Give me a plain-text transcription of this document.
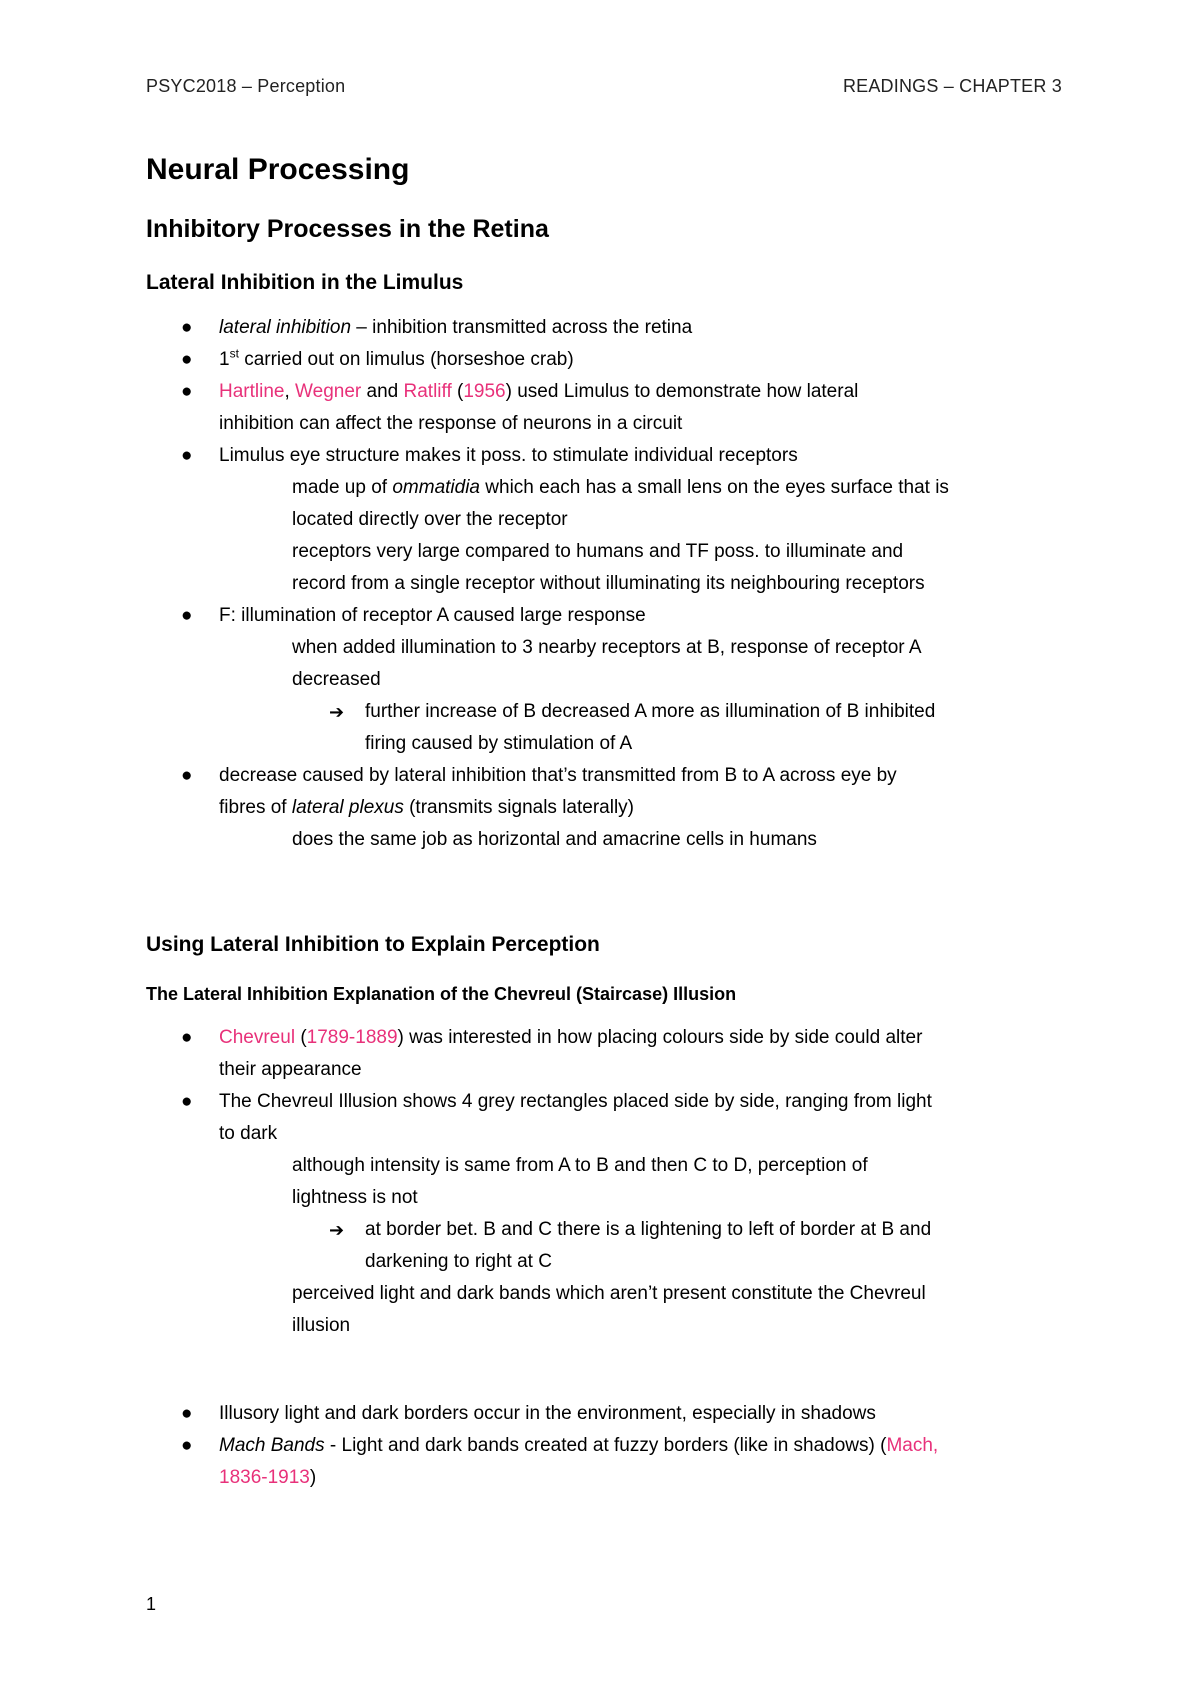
PSYC2018 – Perception	READINGS – CHAPTER 3
Neural Processing
Inhibitory Processes in the Retina
Lateral Inhibition in the Limulus
● lateral inhibition – inhibition transmitted across the retina
● 1st carried out on limulus (horseshoe crab)
● Hartline, Wegner and Ratliff (1956) used Limulus to demonstrate how lateral
inhibition can affect the response of neurons in a circuit
● Limulus eye structure makes it poss. to stimulate individual receptors
made up of ommatidia which each has a small lens on the eyes surface that is
located directly over the receptor
receptors very large compared to humans and TF poss. to illuminate and
record from a single receptor without illuminating its neighbouring receptors
● F: illumination of receptor A caused large response
when added illumination to 3 nearby receptors at B, response of receptor A
decreased
➔ further increase of B decreased A more as illumination of B inhibited
firing caused by stimulation of A
● decrease caused by lateral inhibition that’s transmitted from B to A across eye by
fibres of lateral plexus (transmits signals laterally)
does the same job as horizontal and amacrine cells in humans
Using Lateral Inhibition to Explain Perception
The Lateral Inhibition Explanation of the Chevreul (Staircase) Illusion
● Chevreul (1789-1889) was interested in how placing colours side by side could alter
their appearance
● The Chevreul Illusion shows 4 grey rectangles placed side by side, ranging from light
to dark
although intensity is same from A to B and then C to D, perception of
lightness is not
➔ at border bet. B and C there is a lightening to left of border at B and
darkening to right at C
perceived light and dark bands which aren’t present constitute the Chevreul
illusion
● Illusory light and dark borders occur in the environment, especially in shadows
● Mach Bands - Light and dark bands created at fuzzy borders (like in shadows) (Mach,
1836-1913)
1
